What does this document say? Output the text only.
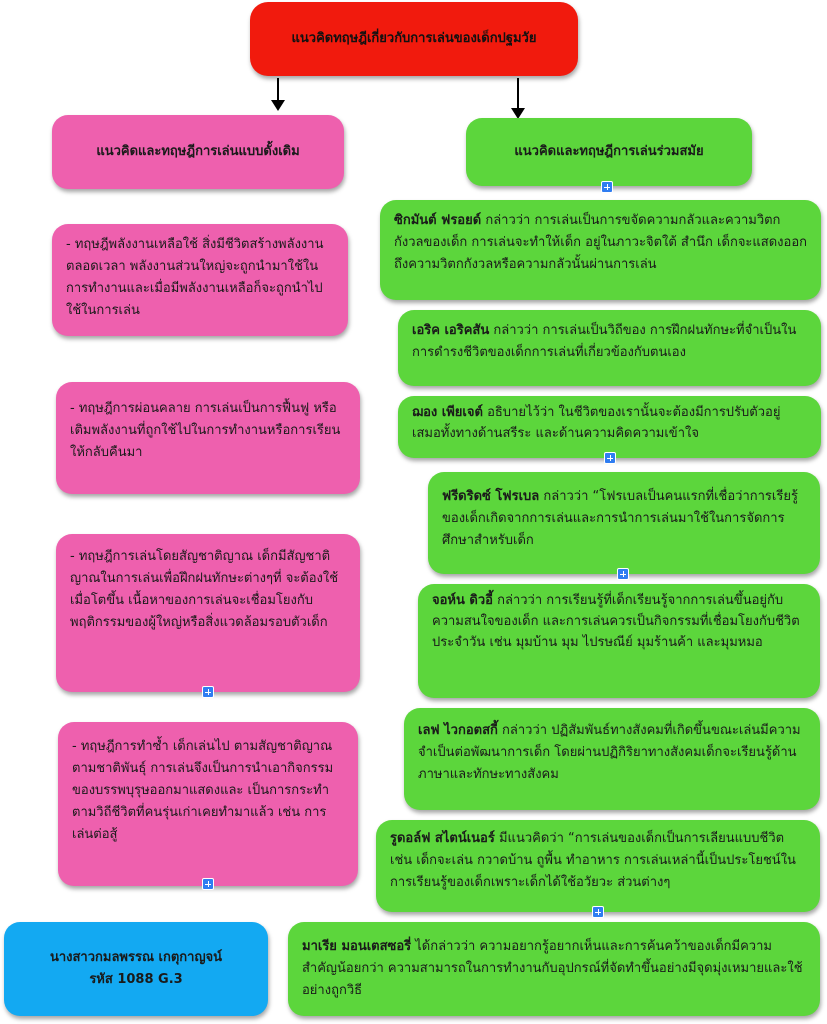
แนวคิดทฤษฎีเกี่ยวกับการเล่นของเด็กปฐมวัย
แนวคิดและทฤษฎีการเล่นแบบดั้งเดิม
- ทฤษฎีพลังงานเหลือใช้ สิ่งมีชีวิตสร้างพลังงานตลอดเวลา พลังงานส่วนใหญ่จะถูกนำมาใช้ในการทำงานและเมื่อมีพลังงานเหลือก็จะถูกนำไปใช้ในการเล่น
- ทฤษฎีการผ่อนคลาย การเล่นเป็นการฟื้นฟู หรือเติมพลังงานที่ถูกใช้ไปในการทำงานหรือการเรียนให้กลับคืนมา
- ทฤษฎีการเล่นโดยสัญชาติญาณ เด็กมีสัญชาติญาณในการเล่นเพื่อฝึกฝนทักษะต่างๆที่ จะต้องใช้เมื่อโตขึ้น เนื้อหาของการเล่นจะเชื่อมโยงกับพฤติกรรมของผู้ใหญ่หรือสิ่งแวดล้อมรอบตัวเด็ก
- ทฤษฎีการทำซ้ำ เด็กเล่นไป ตามสัญชาติญาณ ตามชาติพันธุ์ การเล่นจึงเป็นการนำเอากิจกรรมของบรรพบุรุษออกมาแสดงและ เป็นการกระทำตามวิถีชีวิตที่คนรุ่นเก่าเคยทำมาแล้ว เช่น การเล่นต่อสู้
แนวคิดและทฤษฎีการเล่นร่วมสมัย
ซิกมันต์ ฟรอยด์ กล่าวว่า การเล่นเป็นการขจัดความกลัวและความวิตกกังวลของเด็ก การเล่นจะทำให้เด็ก อยู่ในภาวะจิตใต้ สำนึก เด็กจะแสดงออกถึงความวิตกกังวลหรือความกลัวนั้นผ่านการเล่น
เอริค เอริคสัน กล่าวว่า การเล่นเป็นวิถีของ การฝึกฝนทักษะที่จำเป็นในการดำรงชีวิตของเด็กการเล่นที่เกี่ยวข้องกับตนเอง
ฌอง เพียเจต์ อธิบายไว้ว่า ในชีวิตของเรานั้นจะต้องมีการปรับตัวอยู่เสมอทั้งทางด้านสรีระ และด้านความคิดความเข้าใจ
ฟรีดริดซ์ โฟรเบล กล่าวว่า “โฟรเบลเป็นคนแรกที่เชื่อว่าการเรียรู้ของเด็กเกิดจากการเล่นและการนำการเล่นมาใช้ในการจัดการศึกษาสำหรับเด็ก
จอห์น ดิวอี้ กล่าวว่า การเรียนรู้ที่เด็กเรียนรู้จากการเล่นขึ้นอยู่กับ ความสนใจของเด็ก และการเล่นควรเป็นกิจกรรมที่เชื่อมโยงกับชีวิตประจำวัน เช่น มุมบ้าน มุม ไปรษณีย์ มุมร้านค้า และมุมหมอ
เลฟ ไวกอตสกี้ กล่าวว่า ปฏิสัมพันธ์ทางสังคมที่เกิดขึ้นขณะเล่นมีความจำเป็นต่อพัฒนาการเด็ก โดยผ่านปฏิกิริยาทางสังคมเด็กจะเรียนรู้ด้านภาษาและทักษะทางสังคม
รูดอล์ฟ สไตน์เนอร์ มีแนวคิดว่า “การเล่นของเด็กเป็นการเลียนแบบชีวิต เช่น เด็กจะเล่น กวาดบ้าน ถูพื้น ทำอาหาร การเล่นเหล่านี้เป็นประโยชน์ในการเรียนรู้ของเด็กเพราะเด็กได้ใช้อวัยวะ ส่วนต่างๆ
มาเรีย มอนเตสซอรี่ ได้กล่าวว่า ความอยากรู้อยากเห็นและการค้นคว้าของเด็กมีความสำคัญน้อยกว่า ความสามารถในการทำงานกับอุปกรณ์ที่จัดทำขึ้นอย่างมีจุดมุ่งเหมายและใช้อย่างถูกวิธี
นางสาวกมลพรรณ เกตุกาญจน์
รหัส 1088 G.3
